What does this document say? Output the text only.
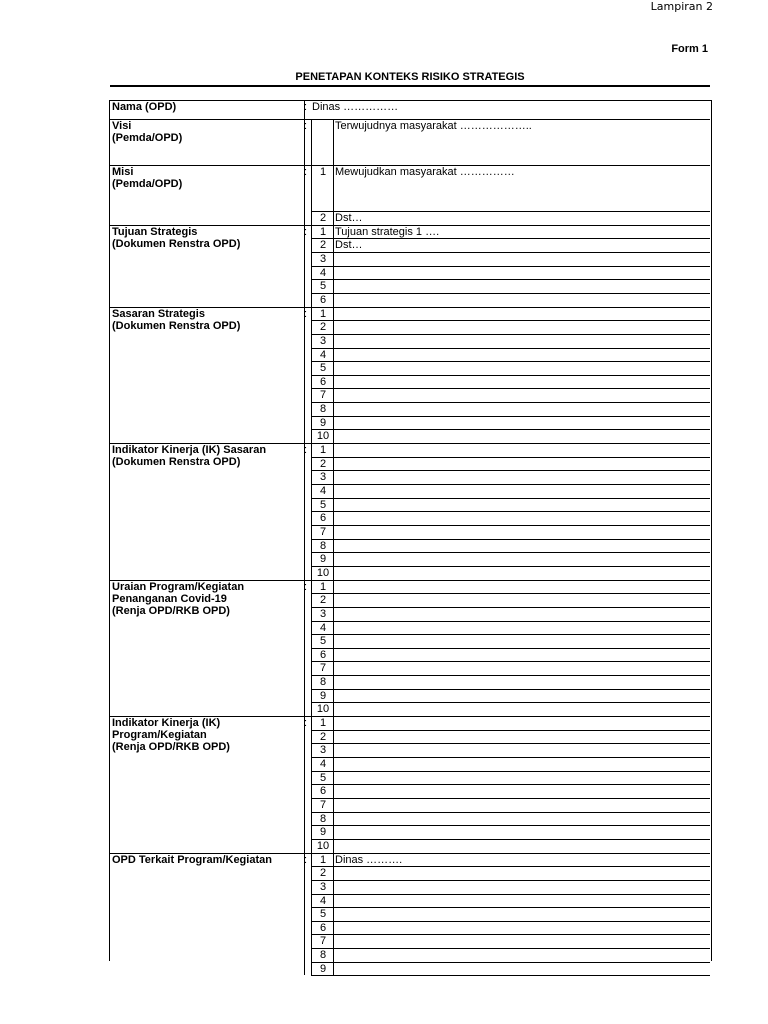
Lampiran 2
Form 1
PENETAPAN KONTEKS RISIKO STRATEGIS
Nama (OPD)	: Dinas ……………
Visi
(Pemda/OPD)
:	Terwujudnya masyarakat ………………..
Misi
(Pemda/OPD)
:	1 Mewujudkan masyarakat ……………
2 Dst…
Tujuan Strategis
(Dokumen Renstra OPD)
:	1 Tujuan strategis 1 ….
2 Dst…
3
4
5
6
Sasaran Strategis
(Dokumen Renstra OPD)
:	1
2
3
4
5
6
7
8
9
10
Indikator Kinerja (IK) Sasaran
(Dokumen Renstra OPD)
:	1
2
3
4
5
6
7
8
9
10
Uraian Program/Kegiatan
Penanganan Covid-19
(Renja OPD/RKB OPD)
:	1
2
3
4
5
6
7
8
9
10
Indikator Kinerja (IK)
Program/Kegiatan
(Renja OPD/RKB OPD)
:	1
2
3
4
5
6
7
8
9
10
OPD Terkait Program/Kegiatan	:	1 Dinas ……….
2
3
4
5
6
7
8
9
